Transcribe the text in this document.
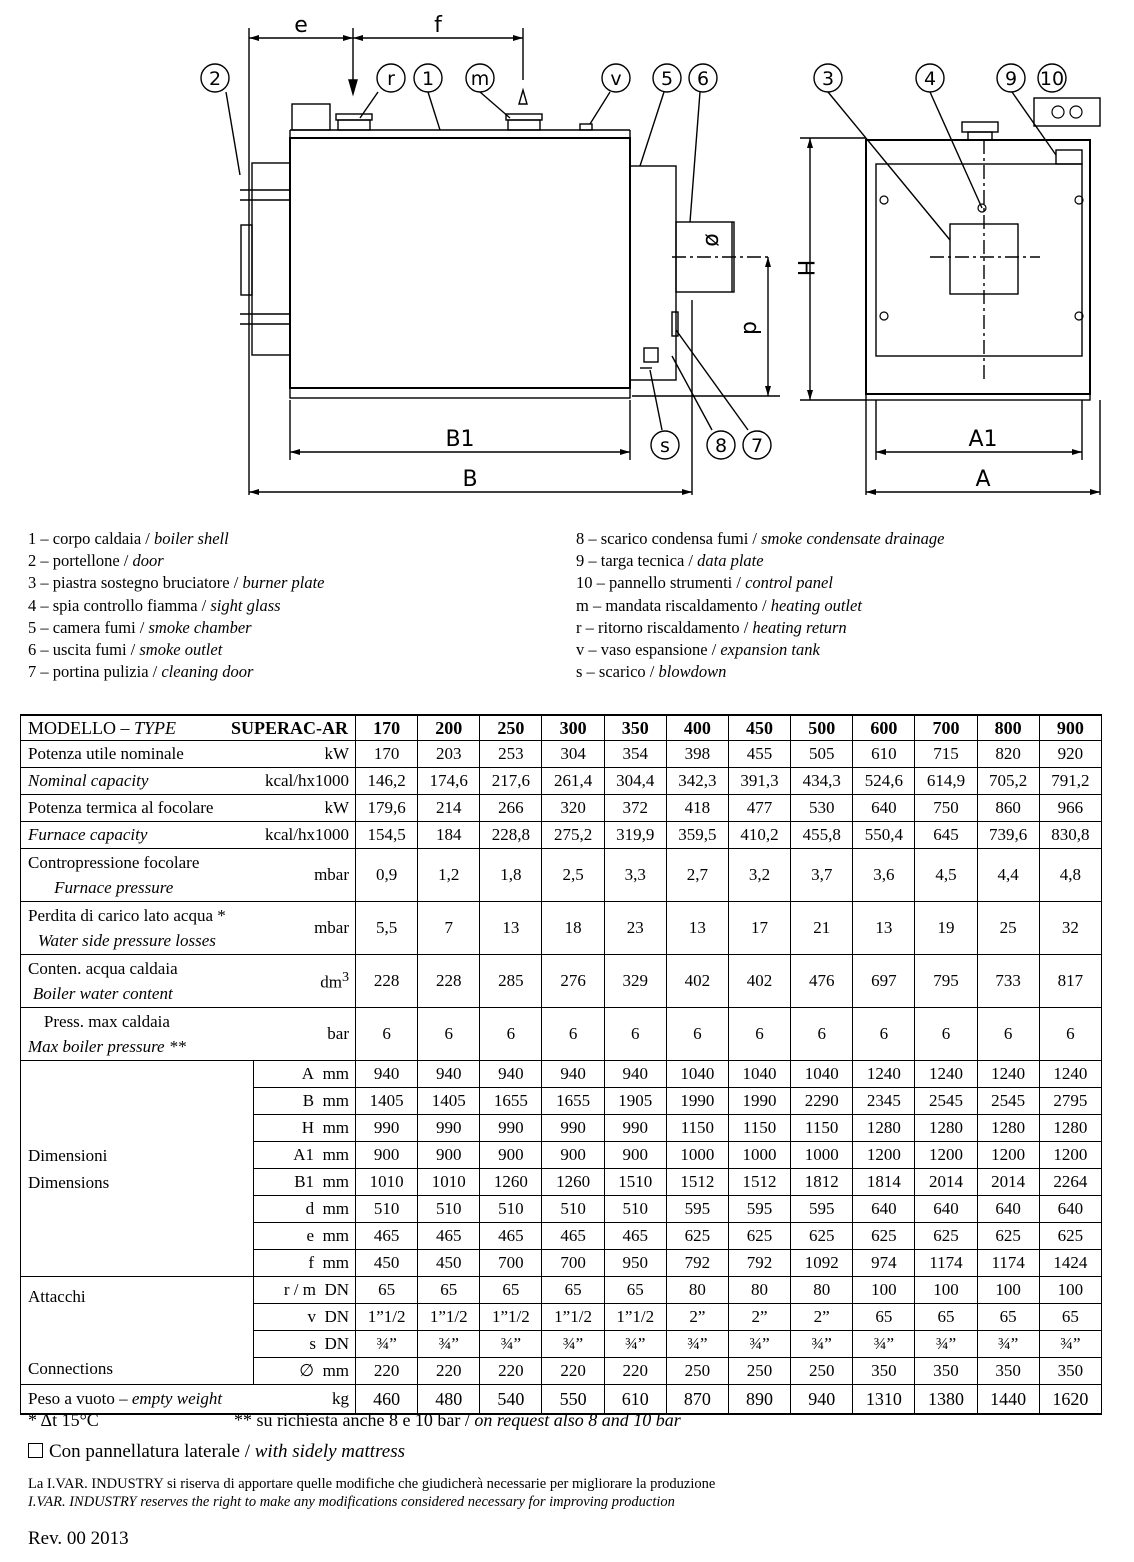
e	f
B1
B
A1
A
H
d
ø
2	r 1 m	v 5 6	3	4	9 10
s 8 7
1 – corpo caldaia / boiler shell
2 – portellone / door
3 – piastra sostegno bruciatore / burner plate
4 – spia controllo fiamma / sight glass
5 – camera fumi / smoke chamber
6 – uscita fumi / smoke outlet
7 – portina pulizia / cleaning door
8 – scarico condensa fumi / smoke condensate drainage
9 – targa tecnica / data plate
10 – pannello strumenti / control panel
m – mandata riscaldamento / heating outlet
r – ritorno riscaldamento / heating return
v – vaso espansione / expansion tank
s – scarico / blowdown
MODELLO – TYPE SUPERAC-AR		170	200	250	300	350	400	450	500	600	700	800	900

Potenza utile nominale kW		170	203	253	304	354	398	455	505	610	715	820	920

Nominal capacity kcal/hx1000		146,2	174,6	217,6	261,4	304,4	342,3	391,3	434,3	524,6	614,9	705,2	791,2

Potenza termica al focolare kW		179,6	214	266	320	372	418	477	530	640	750	860	966

Furnace capacity kcal/hx1000		154,5	184	228,8	275,2	319,9	359,5	410,2	455,8	550,4	645	739,6	830,8

Contropressione focolare
Furnace pressure
mbar		0,9	1,2	1,8	2,5	3,3	2,7	3,2	3,7	3,6	4,5	4,4	4,8

Perdita di carico lato acqua *
Water side pressure losses
mbar		5,5	7	13	18	23	13	17	21	13	19	25	32

Conten. acqua caldaia
Boiler water content
$dm^3$		228	228	285	276	329	402	402	476	697	795	733	817

Press. max caldaia
Max boiler pressure **
bar		6	6	6	6	6	6	6	6	6	6	6	6
Dimensioni
Dimensions	A mm	940	940	940	940	940	1040	1040	1040	1240	1240	1240	1240
	B mm	1405	1405	1655	1655	1905	1990	1990	2290	2345	2545	2545	2795
	H mm	990	990	990	990	990	1150	1150	1150	1280	1280	1280	1280
	A1 mm	900	900	900	900	900	1000	1000	1000	1200	1200	1200	1200
	B1 mm	1010	1010	1260	1260	1510	1512	1512	1812	1814	2014	2014	2264
	d mm	510	510	510	510	510	595	595	595	640	640	640	640
	e mm	465	465	465	465	465	625	625	625	625	625	625	625
	f mm	450	450	700	700	950	792	792	1092	974	1174	1174	1424

Attacchi
Connections	r / m DN	65	65	65	65	65	80	80	80	100	100	100	100
	v DN	1”1/2	1”1/2	1”1/2	1”1/2	1”1/2	2”	2”	2”	65	65	65	65
	s DN	¾”	¾”	¾”	¾”	¾”	¾”	¾”	¾”	¾”	¾”	¾”	¾”
	∅ mm	220	220	220	220	220	250	250	250	350	350	350	350

Peso a vuoto – empty weight kg		460	480	540	550	610	870	890	940	1310	1380	1440	1620
* Δt 15°C	** su richiesta anche 8 e 10 bar / on request also 8 and 10 bar
Con pannellatura laterale / with sidely mattress
La I.VAR. INDUSTRY si riserva di apportare quelle modifiche che giudicherà necessarie per migliorare la produzione
I.VAR. INDUSTRY reserves the right to make any modifications considered necessary for improving production
Rev. 00 2013
